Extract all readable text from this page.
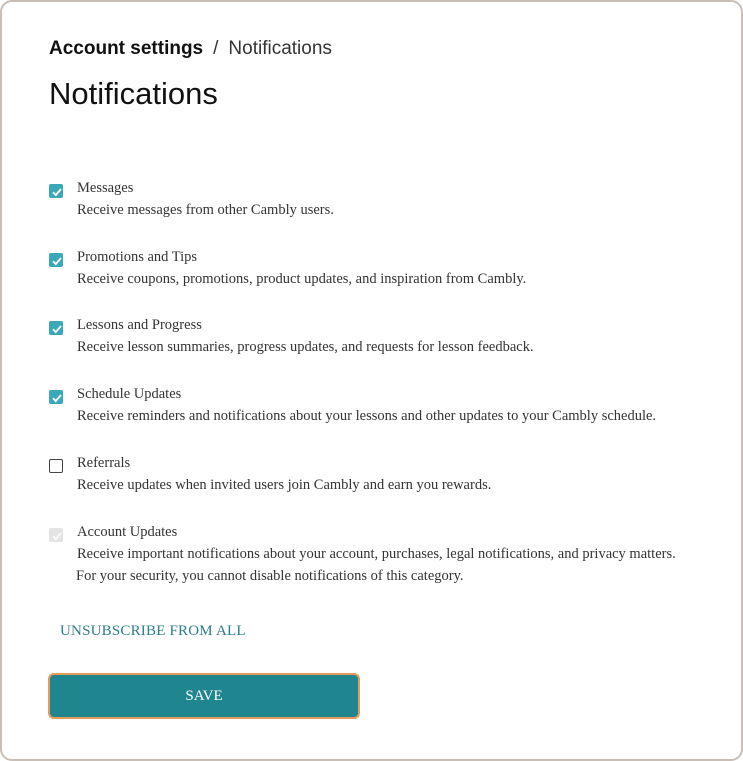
Account settings / Notifications
Notifications
Messages
Receive messages from other Cambly users.
Promotions and Tips
Receive coupons, promotions, product updates, and inspiration from Cambly.
Lessons and Progress
Receive lesson summaries, progress updates, and requests for lesson feedback.
Schedule Updates
Receive reminders and notifications about your lessons and other updates to your Cambly schedule.
Referrals
Receive updates when invited users join Cambly and earn you rewards.
Account Updates
Receive important notifications about your account, purchases, legal notifications, and privacy matters.
For your security, you cannot disable notifications of this category.
UNSUBSCRIBE FROM ALL
SAVE
